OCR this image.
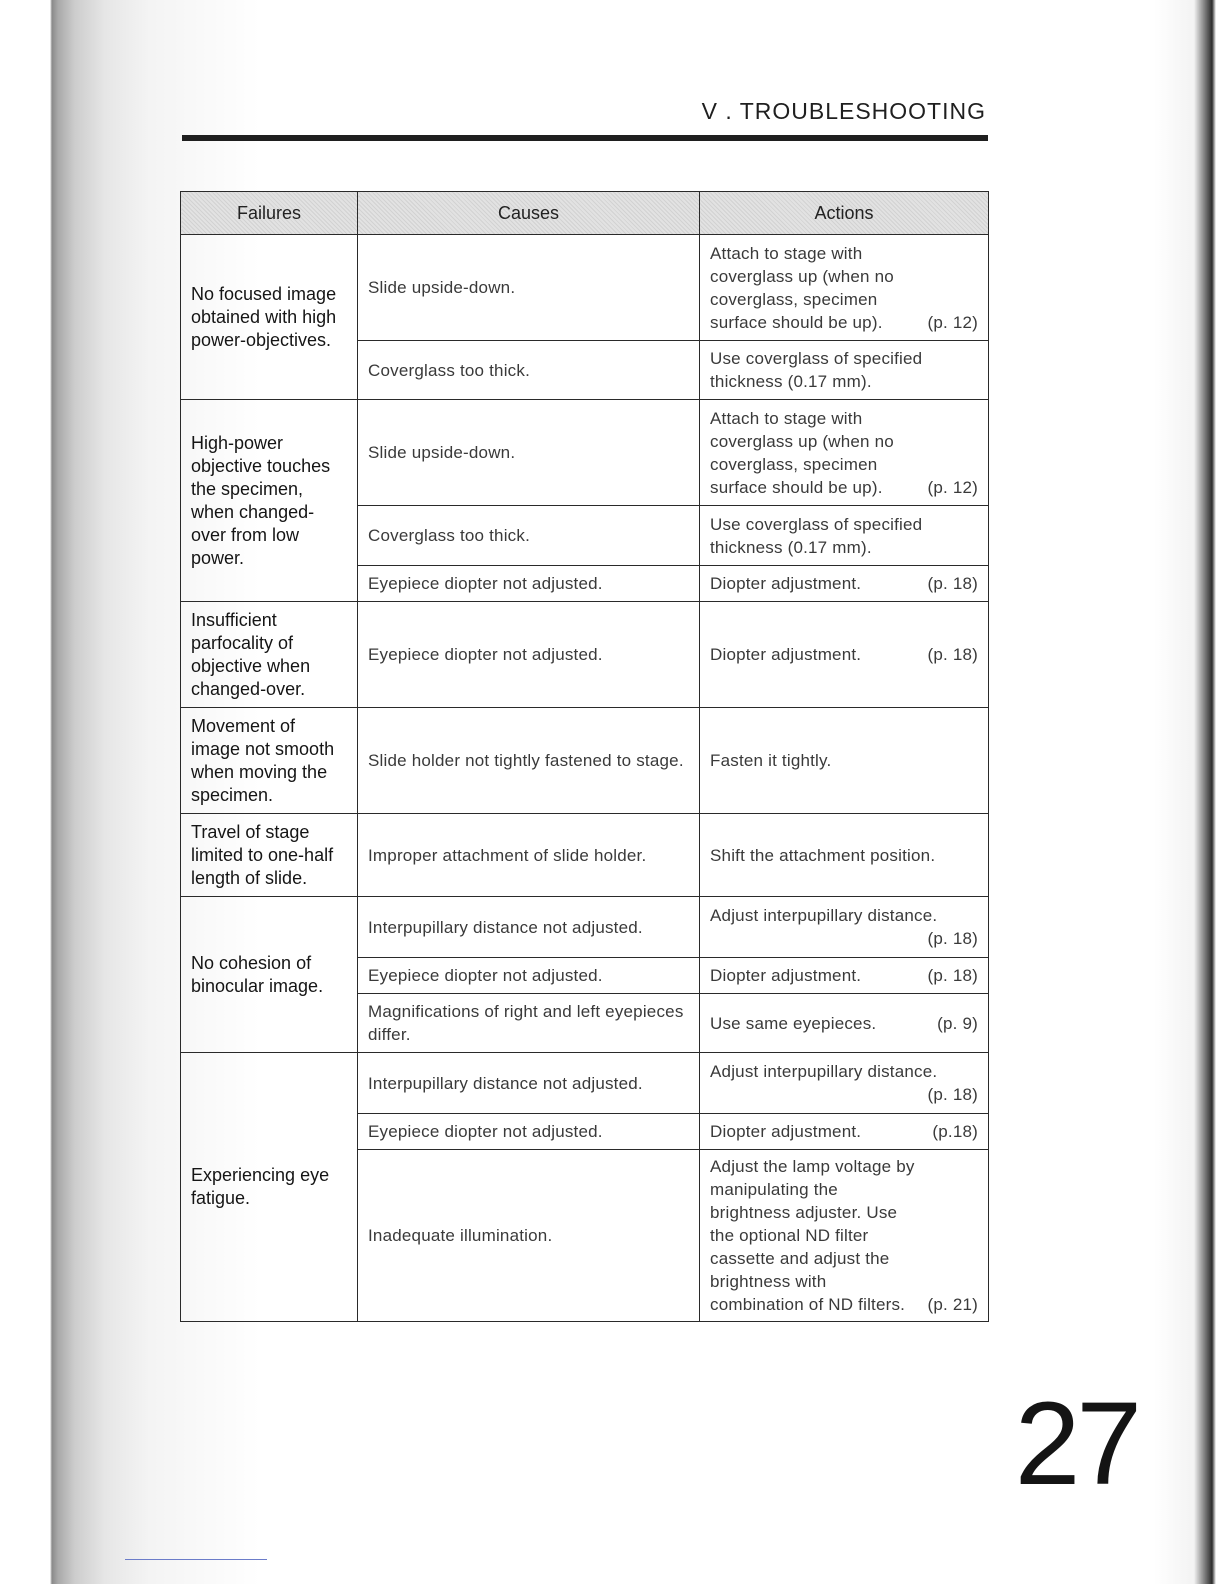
V . TROUBLESHOOTING
Failures	Causes	Actions
No focused image obtained with high power-objectives.	Slide upside-down.	Attach to stage with coverglass up (when no coverglass, specimen surface should be up). (p. 12)

	Coverglass too thick.	Use coverglass of specified thickness (0.17 mm).

High-power objective touches the specimen, when changed-over from low power.	Slide upside-down.	Attach to stage with coverglass up (when no coverglass, specimen surface should be up). (p. 12)

	Coverglass too thick.	Use coverglass of specified thickness (0.17 mm).

	Eyepiece diopter not adjusted.	Diopter adjustment. (p. 18)

Insufficient parfocality of objective when changed-over.	Eyepiece diopter not adjusted.	Diopter adjustment. (p. 18)

Movement of image not smooth when moving the specimen.	Slide holder not tightly fastened to stage.	Fasten it tightly.

Travel of stage limited to one-half length of slide.	Improper attachment of slide holder.	Shift the attachment position.

No cohesion of binocular image.	Interpupillary distance not adjusted.	Adjust interpupillary distance.
(p. 18)

	Eyepiece diopter not adjusted.	Diopter adjustment. (p. 18)

	Magnifications of right and left eyepieces differ.	Use same eyepieces. (p. 9)

Experiencing eye fatigue.	Interpupillary distance not adjusted.	Adjust interpupillary distance.
(p. 18)

	Eyepiece diopter not adjusted.	Diopter adjustment. (p.18)

	Inadequate illumination.	Adjust the lamp voltage by manipulating the brightness adjuster. Use the optional ND filter cassette and adjust the brightness with combination of ND filters. (p. 21)
27
